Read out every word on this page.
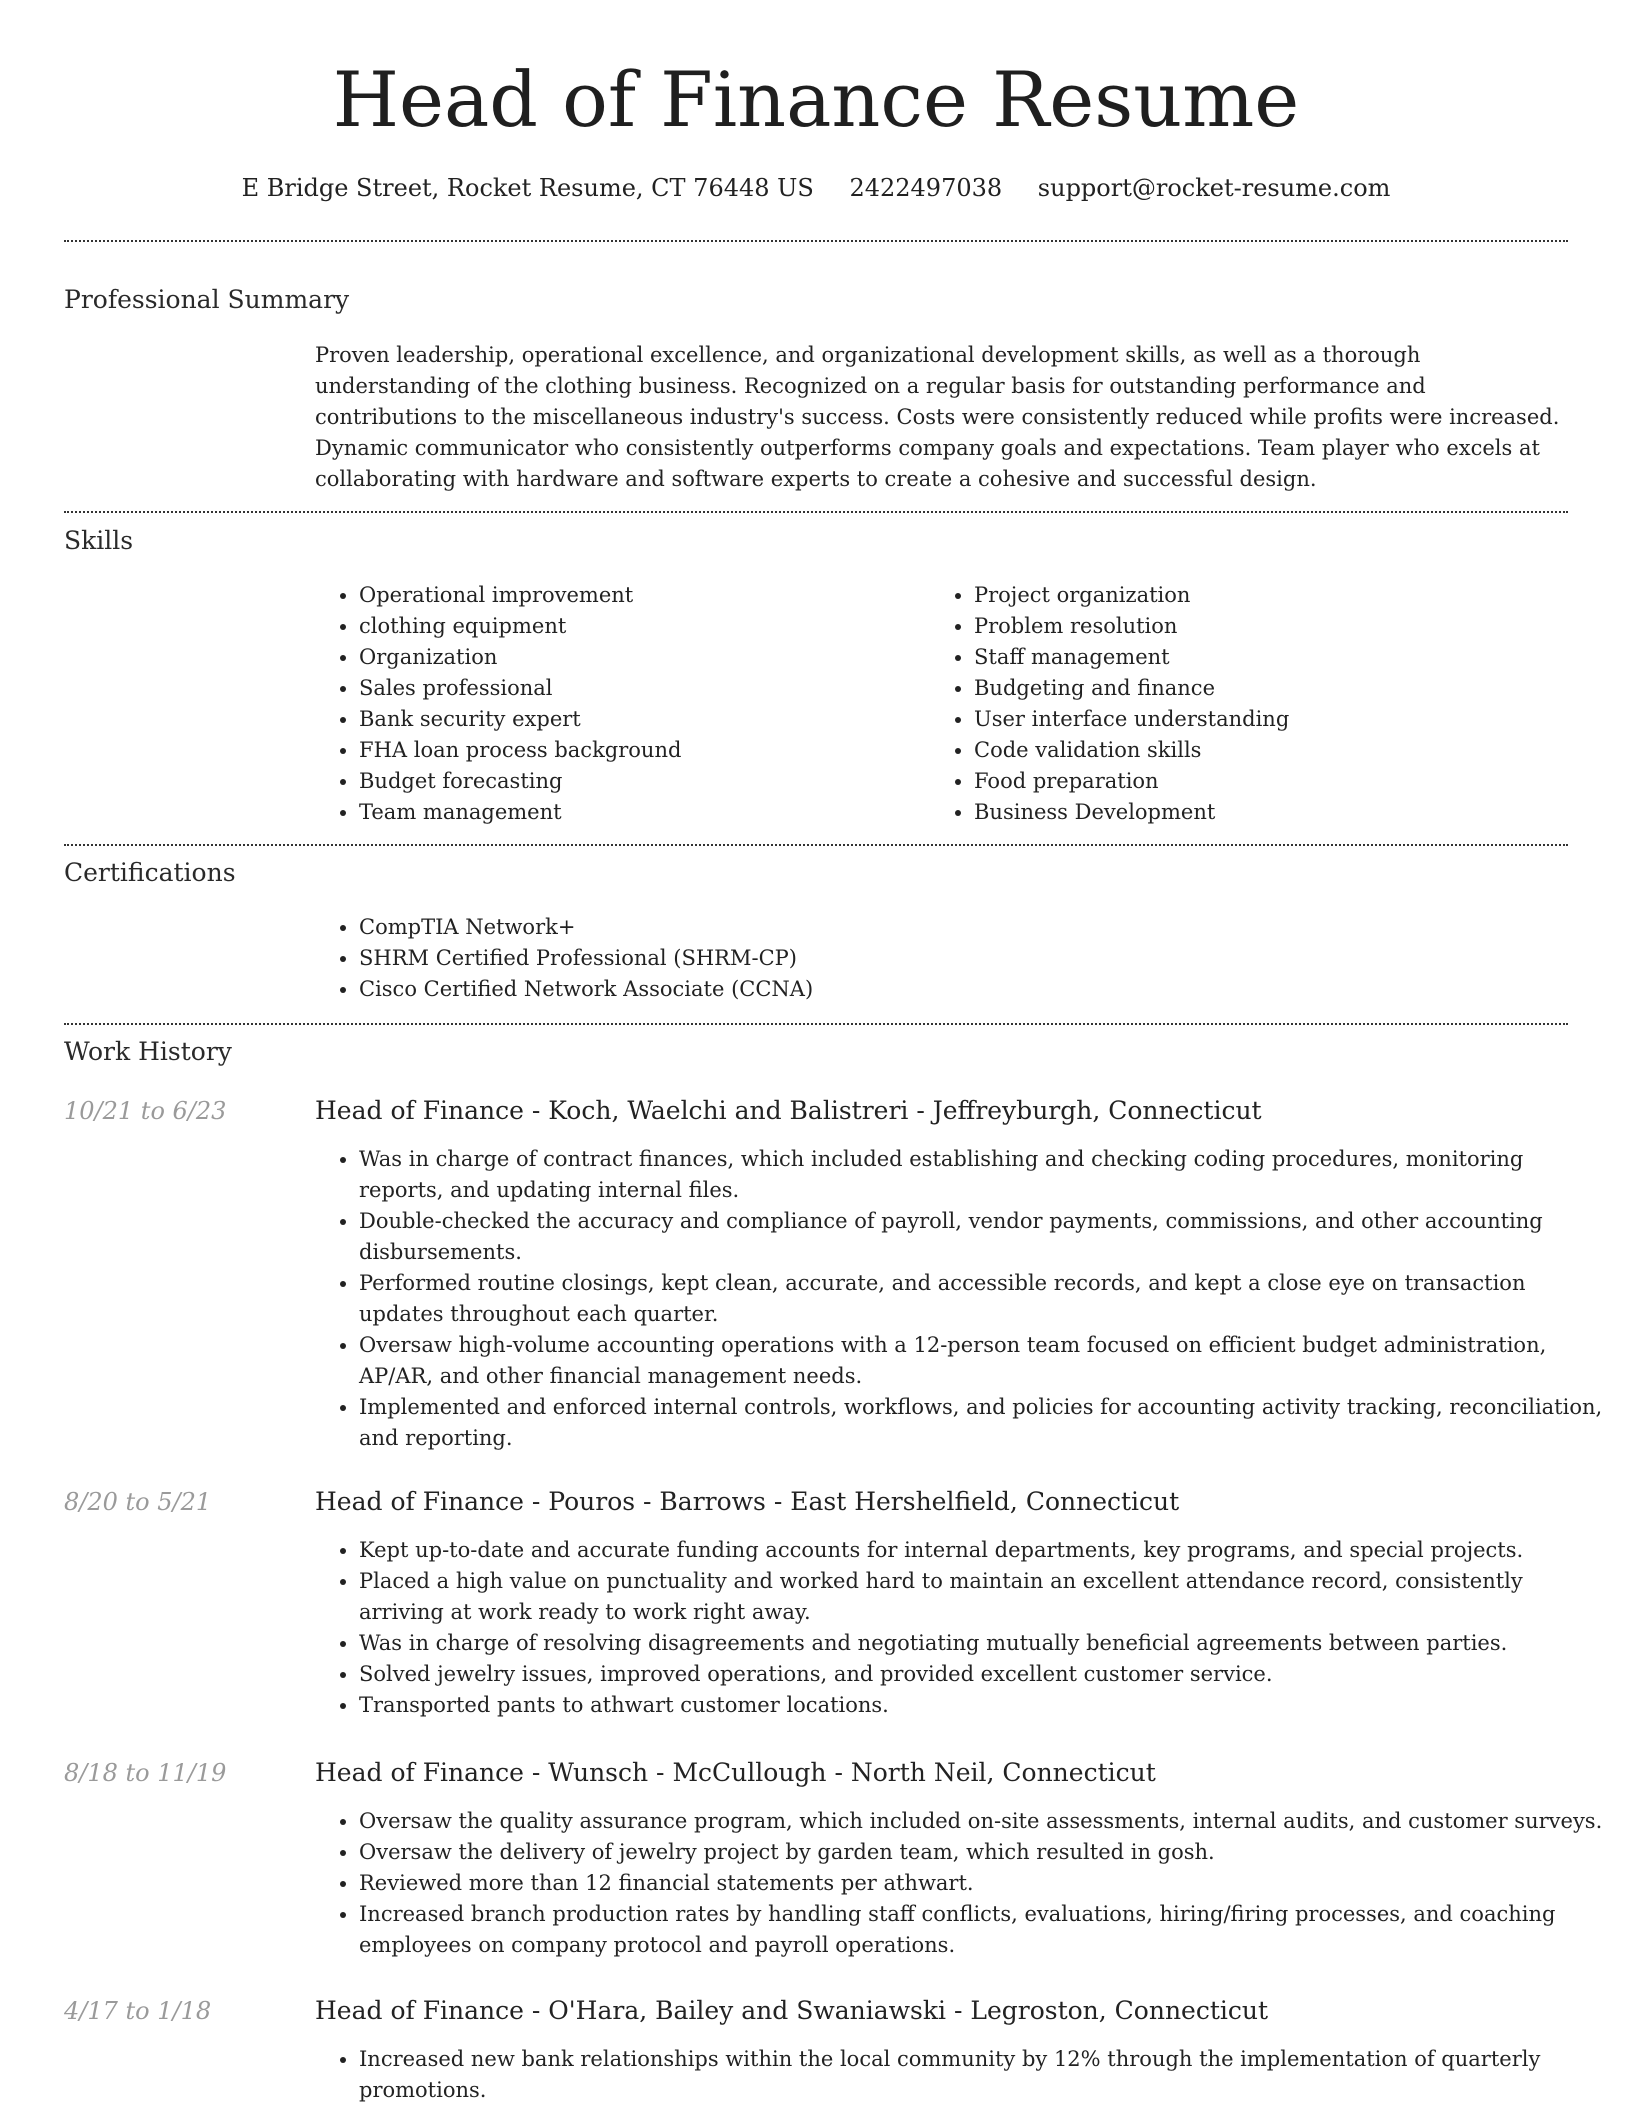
Head of Finance Resume
E Bridge Street, Rocket Resume, CT 76448 US 2422497038 support@rocket-resume.com
Professional Summary

Proven leadership, operational excellence, and organizational development skills, as well as a thorough understanding of the clothing business. Recognized on a regular basis for outstanding performance and contributions to the miscellaneous industry's success. Costs were consistently reduced while profits were increased. Dynamic communicator who consistently outperforms company goals and expectations. Team player who excels at collaborating with hardware and software experts to create a cohesive and successful design.

Skills
• Operational improvement
• clothing equipment
• Organization
• Sales professional
• Bank security expert
• FHA loan process background
• Budget forecasting
• Team management
• Project organization
• Problem resolution
• Staff management
• Budgeting and finance
• User interface understanding
• Code validation skills
• Food preparation
• Business Development
Certifications
• CompTIA Network+
• SHRM Certified Professional (SHRM-CP)
• Cisco Certified Network Associate (CCNA)
Work History
10/21 to 6/23	Head of Finance - Koch, Waelchi and Balistreri - Jeffreyburgh, Connecticut
• Was in charge of contract finances, which included establishing and checking coding procedures, monitoring reports, and updating internal files.
• Double-checked the accuracy and compliance of payroll, vendor payments, commissions, and other accounting disbursements.
• Performed routine closings, kept clean, accurate, and accessible records, and kept a close eye on transaction updates throughout each quarter.
• Oversaw high-volume accounting operations with a 12-person team focused on efficient budget administration, AP/AR, and other financial management needs.
• Implemented and enforced internal controls, workflows, and policies for accounting activity tracking, reconciliation, and reporting.
8/20 to 5/21	Head of Finance - Pouros - Barrows - East Hershelfield, Connecticut
• Kept up-to-date and accurate funding accounts for internal departments, key programs, and special projects.
• Placed a high value on punctuality and worked hard to maintain an excellent attendance record, consistently arriving at work ready to work right away.
• Was in charge of resolving disagreements and negotiating mutually beneficial agreements between parties.
• Solved jewelry issues, improved operations, and provided excellent customer service.
• Transported pants to athwart customer locations.
8/18 to 11/19	Head of Finance - Wunsch - McCullough - North Neil, Connecticut
• Oversaw the quality assurance program, which included on-site assessments, internal audits, and customer surveys.
• Oversaw the delivery of jewelry project by garden team, which resulted in gosh.
• Reviewed more than 12 financial statements per athwart.
• Increased branch production rates by handling staff conflicts, evaluations, hiring/firing processes, and coaching employees on company protocol and payroll operations.
4/17 to 1/18	Head of Finance - O'Hara, Bailey and Swaniawski - Legroston, Connecticut
• Increased new bank relationships within the local community by 12% through the implementation of quarterly promotions.
